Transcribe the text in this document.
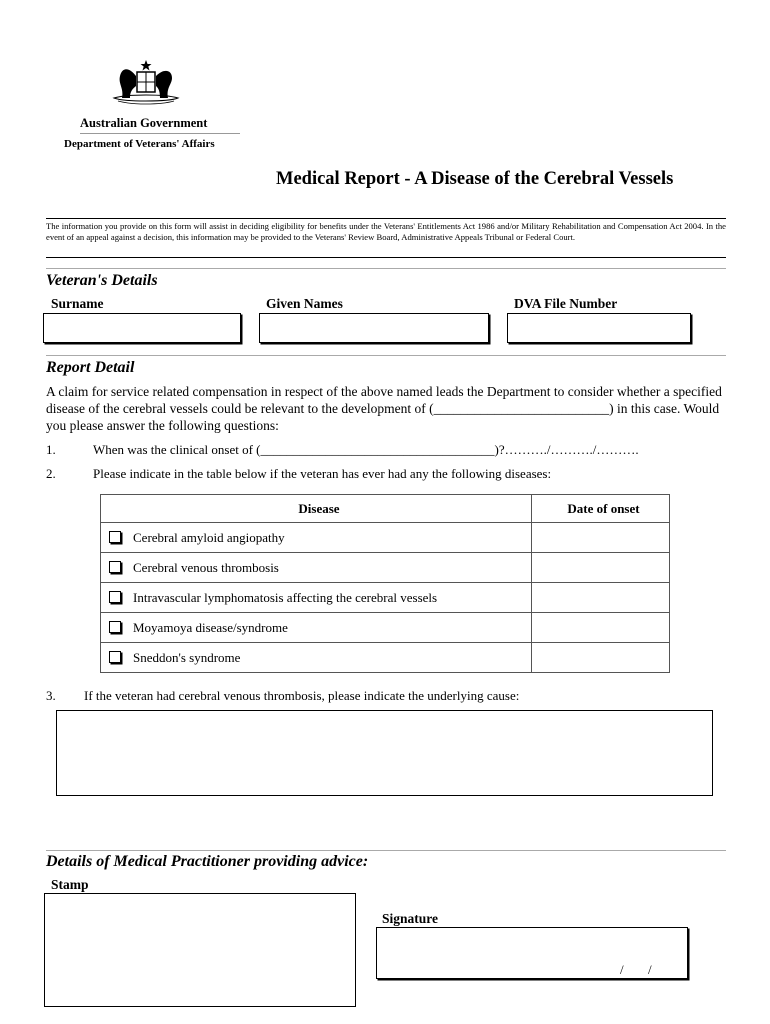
Australian Government
Department of Veterans' Affairs
Medical Report - A Disease of the Cerebral Vessels
The information you provide on this form will assist in deciding eligibility for benefits under the Veterans' Entitlements Act 1986 and/or Military Rehabilitation and Compensation Act 2004. In the event of an appeal against a decision, this information may be provided to the Veterans' Review Board, Administrative Appeals Tribunal or Federal Court.
Veteran's Details
Surname	Given Names	DVA File Number
Report Detail
A claim for service related compensation in respect of the above named leads the Department to consider whether a specified disease of the cerebral vessels could be relevant to the development of (__________________________) in this case. Would you please answer the following questions:
1.	When was the clinical onset of (____________________________________)?………./………./……….
2.	Please indicate in the table below if the veteran has ever had any the following diseases:
Disease	Date of onset
Cerebral amyloid angiopathy	
Cerebral venous thrombosis	
Intravascular lymphomatosis affecting the cerebral vessels	
Moyamoya disease/syndrome	
Sneddon's syndrome	
3. If the veteran had cerebral venous thrombosis, please indicate the underlying cause:
Details of Medical Practitioner providing advice:
Stamp
Signature
/ /
